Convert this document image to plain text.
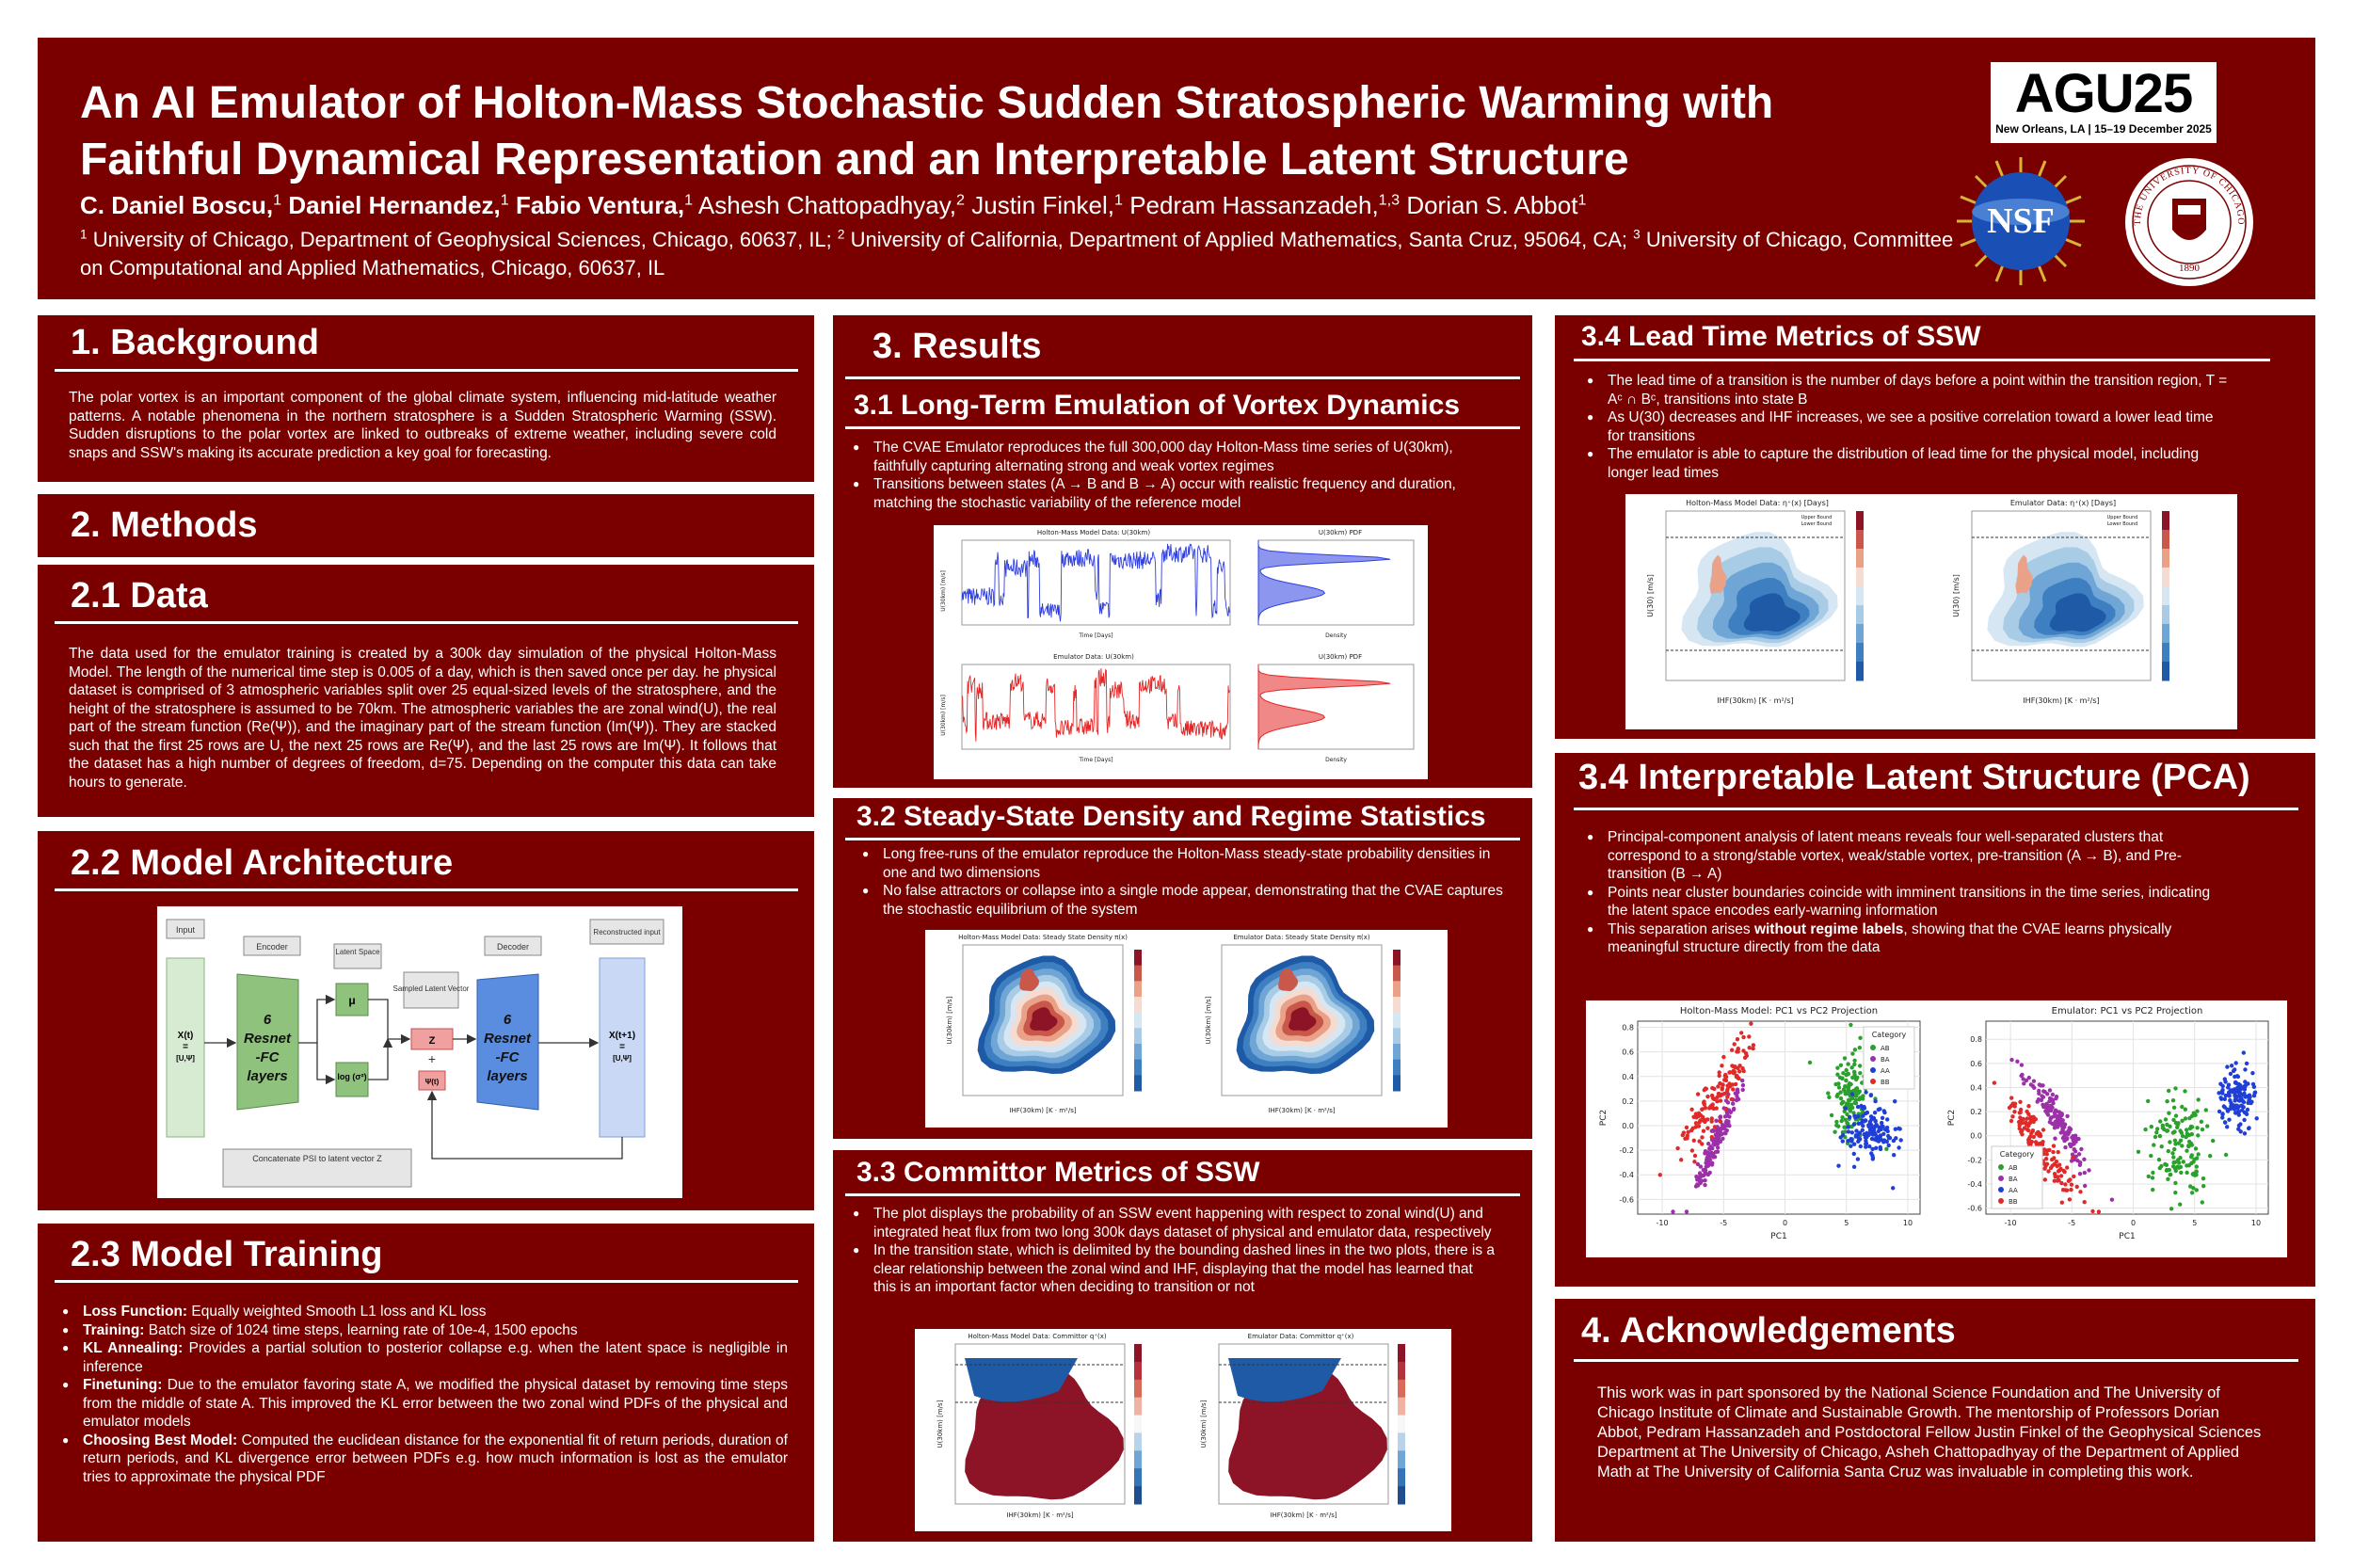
An AI Emulator of Holton-Mass Stochastic Sudden Stratospheric Warming with
Faithful Dynamical Representation and an Interpretable Latent Structure
C. Daniel Boscu,$^1$ Daniel Hernandez,$^1$ Fabio Ventura,$^1$ Ashesh Chattopadhyay,$^2$ Justin Finkel,$^1$ Pedram Hassanzadeh,$^{1,3}$ Dorian S. Abbot$^1$
$^1$ University of Chicago, Department of Geophysical Sciences, Chicago, 60637, IL; $^2$ University of California, Department of Applied Mathematics, Santa Cruz, 95064, CA; $^3$ University of Chicago, Committee on Computational and Applied Mathematics, Chicago, 60637, IL
AGU25
New Orleans, LA | 15–19 December 2025
NSF	THE UNIVERSITY OF CHICAGO
1890
1. Background
The polar vortex is an important component of the global climate system, influencing mid-latitude weather patterns. A notable phenomena in the northern stratosphere is a Sudden Stratospheric Warming (SSW). Sudden disruptions to the polar vortex are linked to outbreaks of extreme weather, including severe cold snaps and SSW's making its accurate prediction a key goal for forecasting.
2. Methods
2.1 Data
The data used for the emulator training is created by a 300k day simulation of the physical Holton-Mass Model. The length of the numerical time step is 0.005 of a day, which is then saved once per day. he physical dataset is comprised of 3 atmospheric variables split over 25 equal-sized levels of the stratosphere, and the height of the stratosphere is assumed to be 70km. The atmospheric variables the are zonal wind(U), the real part of the stream function (Re(Ψ)), and the imaginary part of the stream function (Im(Ψ)). They are stacked such that the first 25 rows are U, the next 25 rows are Re(Ψ), and the last 25 rows are Im(Ψ). It follows that the dataset has a high number of degrees of freedom, d=75. Depending on the computer this data can take hours to generate.
2.2 Model Architecture
Input
Encoder
Latent Space
Sampled Latent Vector
Decoder
Reconstructed input
X(t)
=
[U,Ψ]
6
Resnet
-FC
layers
μ
log (σ²)
Z
+
Ψ(t)
6
Resnet
-FC
layers
X(t+1)
=
[U,Ψ]
Concatenate PSI to latent vector Z
2.3 Model Training
● Loss Function: Equally weighted Smooth L1 loss and KL loss
● Training: Batch size of 1024 time steps, learning rate of 10e-4, 1500 epochs
● KL Annealing: Provides a partial solution to posterior collapse e.g. when the latent space is negligible in inference
● Finetuning: Due to the emulator favoring state A, we modified the physical dataset by removing time steps from the middle of state A. This improved the KL error between the two zonal wind PDFs of the physical and emulator models
● Choosing Best Model: Computed the euclidean distance for the exponential fit of return periods, duration of return periods, and KL divergence error between PDFs e.g. how much information is lost as the emulator tries to approximate the physical PDF
3. Results
3.1 Long-Term Emulation of Vortex Dynamics
● The CVAE Emulator reproduces the full 300,000 day Holton-Mass time series of U(30km), faithfully capturing alternating strong and weak vortex regimes
● Transitions between states (A → B and B → A) occur with realistic frequency and duration, matching the stochastic variability of the reference model
Holton-Mass Model Data: U(30km)
Time [Days]
U(30km) PDF
Density
Emulator Data: U(30km)
Time [Days]
U(30km) PDF
Density
U(30km) [m/s]
U(30km) [m/s]
3.2 Steady-State Density and Regime Statistics
● Long free-runs of the emulator reproduce the Holton-Mass steady-state probability densities in one and two dimensions
● No false attractors or collapse into a single mode appear, demonstrating that the CVAE captures the stochastic equilibrium of the system
Holton-Mass Model Data: Steady State Density π(x)
IHF(30km) [K · m²/s]
U(30km) [m/s]
Emulator Data: Steady State Density π(x)
IHF(30km) [K · m²/s]
U(30km) [m/s]
3.3 Committor Metrics of SSW
● The plot displays the probability of an SSW event happening with respect to zonal wind(U) and integrated heat flux from two long 300k days dataset of physical and emulator data, respectively
● In the transition state, which is delimited by the bounding dashed lines in the two plots, there is a clear relationship between the zonal wind and IHF, displaying that the model has learned that this is an important factor when deciding to transition or not
Holton-Mass Model Data: Committor q⁺(x)
IHF(30km) [K · m²/s]
U(30km) [m/s]
Emulator Data: Committor q⁺(x)
IHF(30km) [K · m²/s]
U(30km) [m/s]
3.4 Lead Time Metrics of SSW
● The lead time of a transition is the number of days before a point within the transition region, T = Aᶜ ∩ Bᶜ, transitions into state B
● As U(30) decreases and IHF increases, we see a positive correlation toward a lower lead time for transitions
● The emulator is able to capture the distribution of lead time for the physical model, including longer lead times
Holton-Mass Model Data: η⁺(x) [Days]
Upper Bound
Lower Bound
IHF(30km) [K · m²/s]
U(30) [m/s]
Emulator Data: η⁺(x) [Days]
Upper Bound
Lower Bound
IHF(30km) [K · m²/s]
U(30) [m/s]
3.4 Interpretable Latent Structure (PCA)
● Principal-component analysis of latent means reveals four well-separated clusters that correspond to a strong/stable vortex, weak/stable vortex, pre-transition (A → B), and Pre-transition (B → A)
● Points near cluster boundaries coincide with imminent transitions in the time series, indicating the latent space encodes early-warning information
● This separation arises without regime labels, showing that the CVAE learns physically meaningful structure directly from the data
Holton-Mass Model: PC1 vs PC2 Projection
-10	-5	0	5	10
-0.6
-0.4
-0.2
0.0
0.2
0.4
0.6
0.8
PC1
PC2
Category
AB
BA
AA
BB
Emulator: PC1 vs PC2 Projection
-10	-5	0	5	10
-0.6
-0.4
-0.2
0.0
0.2
0.4
0.6
0.8
PC1
PC2
Category
AB
BA
AA
BB
4. Acknowledgements
This work was in part sponsored by the National Science Foundation and The University of Chicago Institute of Climate and Sustainable Growth. The mentorship of Professors Dorian Abbot, Pedram Hassanzadeh and Postdoctoral Fellow Justin Finkel of the Geophysical Sciences Department at The University of Chicago, Asheh Chattopadhyay of the Department of Applied Math at The University of California Santa Cruz was invaluable in completing this work.
